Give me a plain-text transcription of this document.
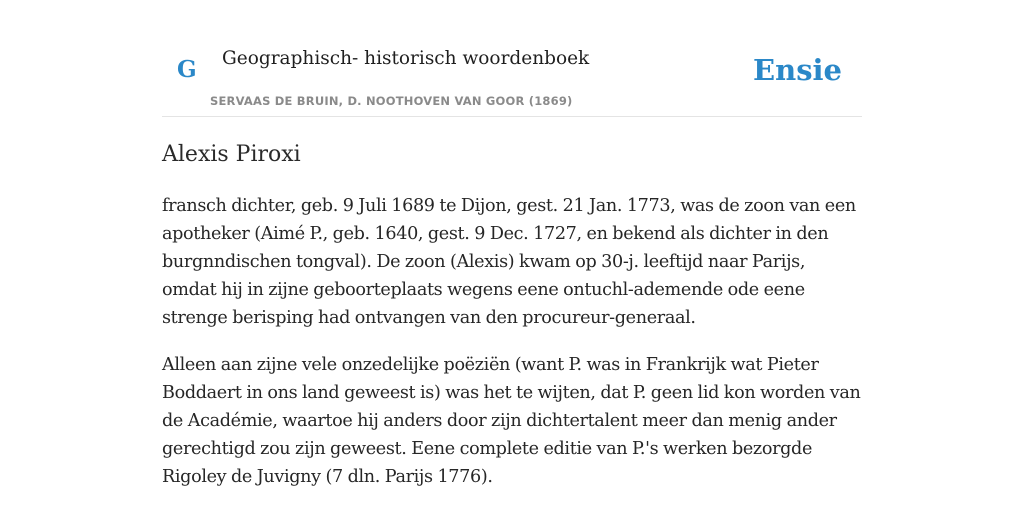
G Geographisch- historisch woordenboek
SERVAAS DE BRUIN, D. NOOTHOVEN VAN GOOR (1869)
Ensie
Alexis Piroxi

fransch dichter, geb. 9 Juli 1689 te Dijon, gest. 21 Jan. 1773, was de zoon van een apotheker (Aimé P., geb. 1640, gest. 9 Dec. 1727, en bekend als dichter in den burgnndischen tongval). De zoon (Alexis) kwam op 30-j. leeftijd naar Parijs, omdat hij in zijne geboorteplaats wegens eene ontuchl-ademende ode eene strenge berisping had ontvangen van den procureur-generaal.

Alleen aan zijne vele onzedelijke poëziën (want P. was in Frankrijk wat Pieter Boddaert in ons land geweest is) was het te wijten, dat P. geen lid kon worden van de Académie, waartoe hij anders door zijn dichtertalent meer dan menig ander gerechtigd zou zijn geweest. Eene complete editie van P.'s werken bezorgde Rigoley de Juvigny (7 dln. Parijs 1776).
